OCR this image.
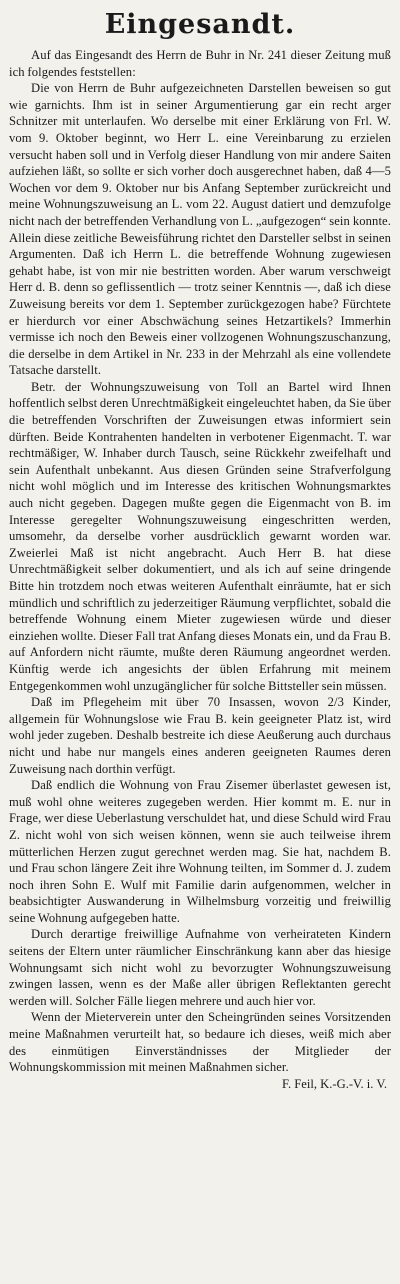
Eingesandt.

Auf das Eingesandt des Herrn de Buhr in Nr. 241 dieser Zeitung muß ich folgendes feststellen:

Die von Herrn de Buhr aufgezeichneten Darstellen beweisen so gut wie garnichts. Ihm ist in seiner Argumentierung gar ein recht arger Schnitzer mit unterlaufen. Wo derselbe mit einer Erklärung von Frl. W. vom 9. Oktober beginnt, wo Herr L. eine Vereinbarung zu erzielen versucht haben soll und in Verfolg dieser Handlung von mir andere Saiten aufziehen läßt, so sollte er sich vorher doch ausgerechnet haben, daß 4—5 Wochen vor dem 9. Oktober nur bis Anfang September zurückreicht und meine Wohnungszuweisung an L. vom 22. August datiert und demzufolge nicht nach der betreffenden Verhandlung von L. „aufgezogen“ sein konnte. Allein diese zeitliche Beweisführung richtet den Darsteller selbst in seinen Argumenten. Daß ich Herrn L. die betreffende Wohnung zugewiesen gehabt habe, ist von mir nie bestritten worden. Aber warum verschweigt Herr d. B. denn so geflissentlich — trotz seiner Kenntnis —, daß ich diese Zuweisung bereits vor dem 1. September zurückgezogen habe? Fürchtete er hierdurch vor einer Abschwächung seines Hetzartikels? Immerhin vermisse ich noch den Beweis einer vollzogenen Wohnungszuschanzung, die derselbe in dem Artikel in Nr. 233 in der Mehrzahl als eine vollendete Tatsache darstellt.

Betr. der Wohnungszuweisung von Toll an Bartel wird Ihnen hoffentlich selbst deren Unrechtmäßigkeit eingeleuchtet haben, da Sie über die betreffenden Vorschriften der Zuweisungen etwas informiert sein dürften. Beide Kontrahenten handelten in verbotener Eigenmacht. T. war rechtmäßiger, W. Inhaber durch Tausch, seine Rückkehr zweifelhaft und sein Aufenthalt unbekannt. Aus diesen Gründen seine Strafverfolgung nicht wohl möglich und im Interesse des kritischen Wohnungsmarktes auch nicht gegeben. Dagegen mußte gegen die Eigenmacht von B. im Interesse geregelter Wohnungszuweisung eingeschritten werden, umsomehr, da derselbe vorher ausdrücklich gewarnt worden war. Zweierlei Maß ist nicht angebracht. Auch Herr B. hat diese Unrechtmäßigkeit selber dokumentiert, und als ich auf seine dringende Bitte hin trotzdem noch etwas weiteren Aufenthalt einräumte, hat er sich mündlich und schriftlich zu jederzeitiger Räumung verpflichtet, sobald die betreffende Wohnung einem Mieter zugewiesen würde und dieser einziehen wollte. Dieser Fall trat Anfang dieses Monats ein, und da Frau B. auf Anfordern nicht räumte, mußte deren Räumung angeordnet werden. Künftig werde ich angesichts der üblen Erfahrung mit meinem Entgegenkommen wohl unzugänglicher für solche Bittsteller sein müssen.

Daß im Pflegeheim mit über 70 Insassen, wovon 2/3 Kinder, allgemein für Wohnungslose wie Frau B. kein geeigneter Platz ist, wird wohl jeder zugeben. Deshalb bestreite ich diese Aeußerung auch durchaus nicht und habe nur mangels eines anderen geeigneten Raumes deren Zuweisung nach dorthin verfügt.

Daß endlich die Wohnung von Frau Zisemer überlastet gewesen ist, muß wohl ohne weiteres zugegeben werden. Hier kommt m. E. nur in Frage, wer diese Ueberlastung verschuldet hat, und diese Schuld wird Frau Z. nicht wohl von sich weisen können, wenn sie auch teilweise ihrem mütterlichen Herzen zugut gerechnet werden mag. Sie hat, nachdem B. und Frau schon längere Zeit ihre Wohnung teilten, im Sommer d. J. zudem noch ihren Sohn E. Wulf mit Familie darin aufgenommen, welcher in beabsichtigter Auswanderung in Wilhelmsburg vorzeitig und freiwillig seine Wohnung aufgegeben hatte.

Durch derartige freiwillige Aufnahme von verheirateten Kindern seitens der Eltern unter räumlicher Einschränkung kann aber das hiesige Wohnungsamt sich nicht wohl zu bevorzugter Wohnungszuweisung zwingen lassen, wenn es der Maße aller übrigen Reflektanten gerecht werden will. Solcher Fälle liegen mehrere und auch hier vor.

Wenn der Mieterverein unter den Scheingründen seines Vorsitzenden meine Maßnahmen verurteilt hat, so bedaure ich dieses, weiß mich aber des einmütigen Einverständnisses der Mitglieder der Wohnungskommission mit meinen Maßnahmen sicher.

F. Feil, K.-G.-V. i. V.
